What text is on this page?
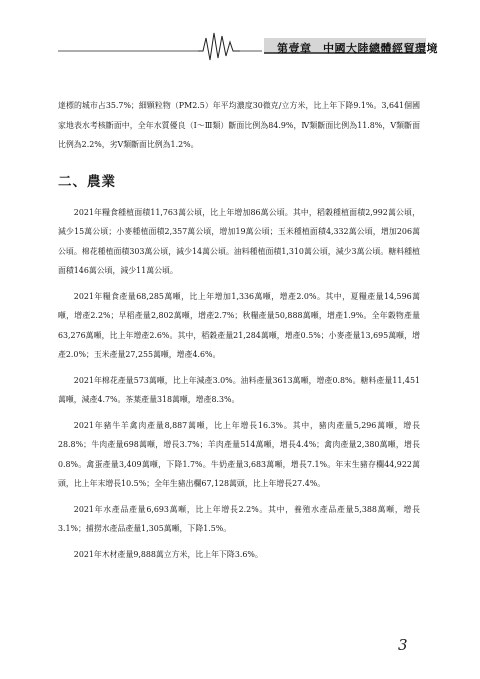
第壹章　中國大陸總體經貿環境

達標的城市占35.7%；細顆粒物（PM2.5）年平均濃度30微克/立方米，比上年下降9.1%。3,641個國家地表水考核斷面中，全年水質優良（Ⅰ～Ⅲ類）斷面比例為84.9%，Ⅳ類斷面比例為11.8%，Ⅴ類斷面比例為2.2%，劣Ⅴ類斷面比例為1.2%。

二、農業

2021年糧食種植面積11,763萬公頃，比上年增加86萬公頃。其中，稻穀種植面積2,992萬公頃，減少15萬公頃；小麥種植面積2,357萬公頃，增加19萬公頃；玉米種植面積4,332萬公頃，增加206萬公頃。棉花種植面積303萬公頃，減少14萬公頃。油料種植面積1,310萬公頃，減少3萬公頃。糖料種植面積146萬公頃，減少11萬公頃。

2021年糧食產量68,285萬噸，比上年增加1,336萬噸，增產2.0%。其中，夏糧產量14,596萬噸，增產2.2%；早稻產量2,802萬噸，增產2.7%；秋糧產量50,888萬噸，增產1.9%。全年穀物產量63,276萬噸，比上年增產2.6%。其中，稻穀產量21,284萬噸，增產0.5%；小麥產量13,695萬噸，增產2.0%；玉米產量27,255萬噸，增產4.6%。

2021年棉花產量573萬噸，比上年減產3.0%。油料產量3613萬噸，增產0.8%。糖料產量11,451萬噸，減產4.7%。茶葉產量318萬噸，增產8.3%。

2021年豬牛羊禽肉產量8,887萬噸，比上年增長16.3%。其中，豬肉產量5,296萬噸，增長28.8%；牛肉產量698萬噸，增長3.7%；羊肉產量514萬噸，增長4.4%；禽肉產量2,380萬噸，增長0.8%。禽蛋產量3,409萬噸，下降1.7%。牛奶產量3,683萬噸，增長7.1%。年末生豬存欄44,922萬頭，比上年末增長10.5%；全年生豬出欄67,128萬頭，比上年增長27.4%。

2021年水產品產量6,693萬噸，比上年增長2.2%。其中，養殖水產品產量5,388萬噸，增長3.1%；捕撈水產品產量1,305萬噸，下降1.5%。

2021年木材產量9,888萬立方米，比上年下降3.6%。

3
